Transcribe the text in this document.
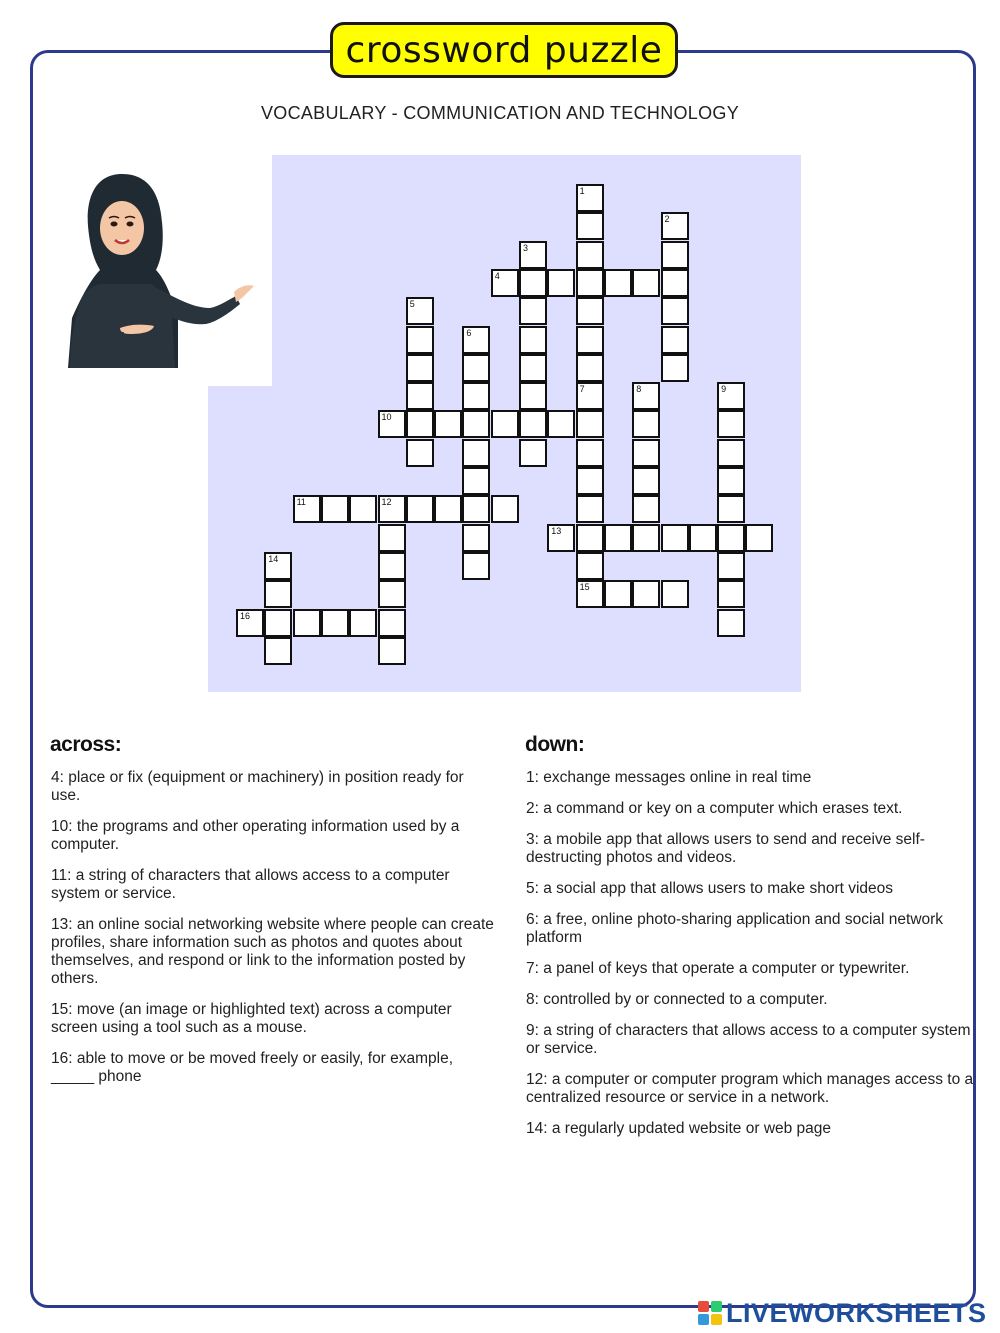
crossword puzzle
VOCABULARY - COMMUNICATION AND TECHNOLOGY
1
2
3
4
5
6
7	8	9
10
11	12
13
14
15
16
across:
4: place or fix (equipment or machinery) in position ready for use.
10: the programs and other operating information used by a computer.
11: a string of characters that allows access to a computer system or service.
13: an online social networking website where people can create profiles, share information such as photos and quotes about themselves, and respond or link to the information posted by others.
15: move (an image or highlighted text) across a computer screen using a tool such as a mouse.
16: able to move or be moved freely or easily, for example, _____ phone
down:
1: exchange messages online in real time
2: a command or key on a computer which erases text.
3: a mobile app that allows users to send and receive self-destructing photos and videos.
5: a social app that allows users to make short videos
6: a free, online photo-sharing application and social network platform
7: a panel of keys that operate a computer or typewriter.
8: controlled by or connected to a computer.
9: a string of characters that allows access to a computer system or service.
12: a computer or computer program which manages access to a centralized resource or service in a network.
14: a regularly updated website or web page
LIVEWORKSHEETS
